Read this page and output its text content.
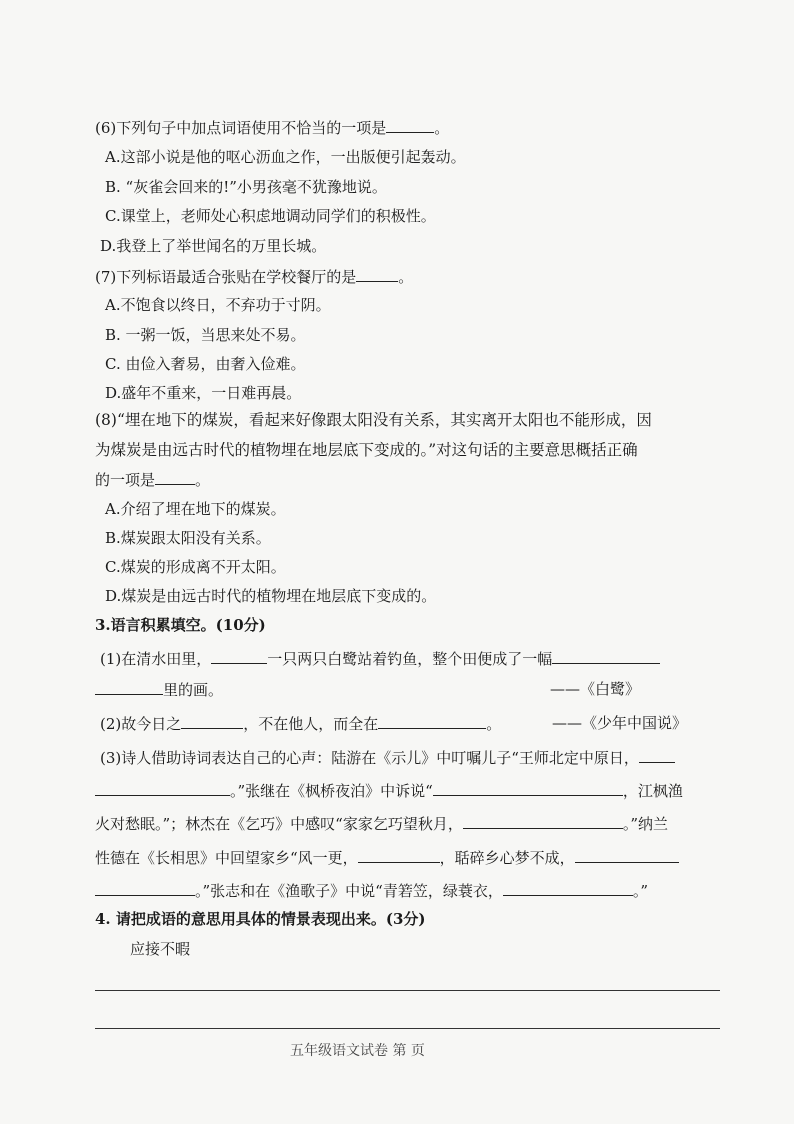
(6)下列句子中加点词语使用不恰当的一项是	。
A.这部小说是他的呕心沥血之作，一出版便引起轰动。
B. “灰雀会回来的!”小男孩毫不犹豫地说。
C.课堂上，老师处心积虑地调动同学们的积极性。
D.我登上了举世闻名的万里长城。
(7)下列标语最适合张贴在学校餐厅的是	。
A.不饱食以终日，不弃功于寸阴。
B. 一粥一饭，当思来处不易。
C. 由俭入奢易，由奢入俭难。
D.盛年不重来，一日难再晨。
(8)“埋在地下的煤炭，看起来好像跟太阳没有关系，其实离开太阳也不能形成，因
为煤炭是由远古时代的植物埋在地层底下变成的。”对这句话的主要意思概括正确
的一项是	。
A.介绍了埋在地下的煤炭。
B.煤炭跟太阳没有关系。
C.煤炭的形成离不开太阳。
D.煤炭是由远古时代的植物埋在地层底下变成的。
3.语言积累填空。(10分)
(1)在清水田里，	一只两只白鹭站着钓鱼，整个田便成了一幅
里的画。	——《白鹭》
(2)故今日之	，不在他人，而全在	。	——《少年中国说》
(3)诗人借助诗词表达自己的心声：陆游在《示儿》中叮嘱儿子“王师北定中原日，
。”张继在《枫桥夜泊》中诉说“	，江枫渔
火对愁眠。”；林杰在《乞巧》中感叹“家家乞巧望秋月，	。”纳兰
性德在《长相思》中回望家乡“风一更，	，聒碎乡心梦不成，
。”张志和在《渔歌子》中说“青箬笠，绿蓑衣，	。”
4. 请把成语的意思用具体的情景表现出来。(3分)
应接不暇
五年级语文试卷 第 页
